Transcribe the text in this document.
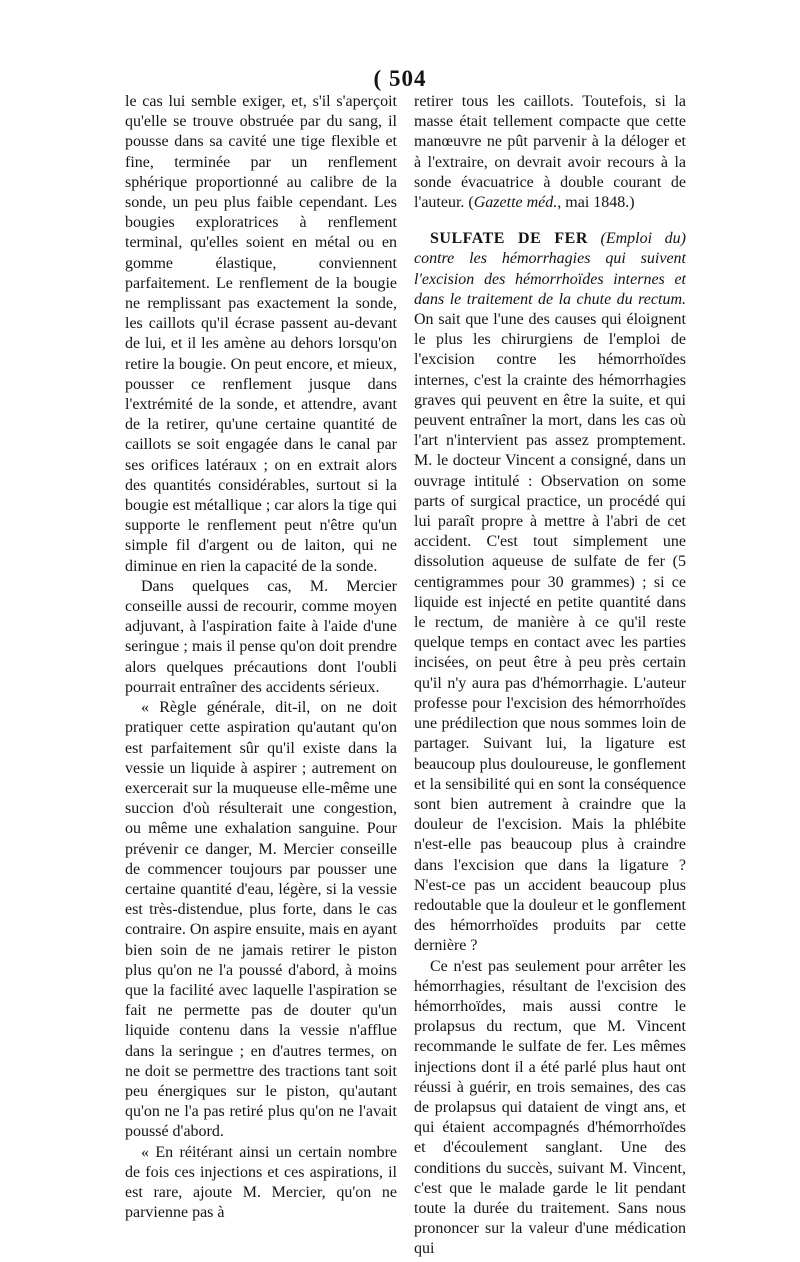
( 504

le cas lui semble exiger, et, s'il s'aperçoit qu'elle se trouve obstruée par du sang, il pousse dans sa cavité une tige flexible et fine, terminée par un renflement sphérique proportionné au calibre de la sonde, un peu plus faible cependant. Les bougies exploratrices à renflement terminal, qu'elles soient en métal ou en gomme élastique, conviennent parfaitement. Le renflement de la bougie ne remplissant pas exactement la sonde, les caillots qu'il écrase passent au-devant de lui, et il les amène au dehors lorsqu'on retire la bougie. On peut encore, et mieux, pousser ce renflement jusque dans l'extrémité de la sonde, et attendre, avant de la retirer, qu'une certaine quantité de caillots se soit engagée dans le canal par ses orifices latéraux ; on en extrait alors des quantités considérables, surtout si la bougie est métallique ; car alors la tige qui supporte le renflement peut n'être qu'un simple fil d'argent ou de laiton, qui ne diminue en rien la capacité de la sonde.

Dans quelques cas, M. Mercier conseille aussi de recourir, comme moyen adjuvant, à l'aspiration faite à l'aide d'une seringue ; mais il pense qu'on doit prendre alors quelques précautions dont l'oubli pourrait entraîner des accidents sérieux.

« Règle générale, dit-il, on ne doit pratiquer cette aspiration qu'autant qu'on est parfaitement sûr qu'il existe dans la vessie un liquide à aspirer ; autrement on exercerait sur la muqueuse elle-même une succion d'où résulterait une congestion, ou même une exhalation sanguine. Pour prévenir ce danger, M. Mercier conseille de commencer toujours par pousser une certaine quantité d'eau, légère, si la vessie est très-distendue, plus forte, dans le cas contraire. On aspire ensuite, mais en ayant bien soin de ne jamais retirer le piston plus qu'on ne l'a poussé d'abord, à moins que la facilité avec laquelle l'aspiration se fait ne permette pas de douter qu'un liquide contenu dans la vessie n'afflue dans la seringue ; en d'autres termes, on ne doit se permettre des tractions tant soit peu énergiques sur le piston, qu'autant qu'on ne l'a pas retiré plus qu'on ne l'avait poussé d'abord.

« En réitérant ainsi un certain nombre de fois ces injections et ces aspirations, il est rare, ajoute M. Mercier, qu'on ne parvienne pas à

retirer tous les caillots. Toutefois, si la masse était tellement compacte que cette manœuvre ne pût parvenir à la déloger et à l'extraire, on devrait avoir recours à la sonde évacuatrice à double courant de l'auteur. (Gazette méd., mai 1848.)

SULFATE DE FER (Emploi du) contre les hémorrhagies qui suivent l'excision des hémorrhoïdes internes et dans le traitement de la chute du rectum. On sait que l'une des causes qui éloignent le plus les chirurgiens de l'emploi de l'excision contre les hémorrhoïdes internes, c'est la crainte des hémorrhagies graves qui peuvent en être la suite, et qui peuvent entraîner la mort, dans les cas où l'art n'intervient pas assez promptement. M. le docteur Vincent a consigné, dans un ouvrage intitulé : Observation on some parts of surgical practice, un procédé qui lui paraît propre à mettre à l'abri de cet accident. C'est tout simplement une dissolution aqueuse de sulfate de fer (5 centigrammes pour 30 grammes) ; si ce liquide est injecté en petite quantité dans le rectum, de manière à ce qu'il reste quelque temps en contact avec les parties incisées, on peut être à peu près certain qu'il n'y aura pas d'hémorrhagie. L'auteur professe pour l'excision des hémorrhoïdes une prédilection que nous sommes loin de partager. Suivant lui, la ligature est beaucoup plus douloureuse, le gonflement et la sensibilité qui en sont la conséquence sont bien autrement à craindre que la douleur de l'excision. Mais la phlébite n'est-elle pas beaucoup plus à craindre dans l'excision que dans la ligature ? N'est-ce pas un accident beaucoup plus redoutable que la douleur et le gonflement des hémorrhoïdes produits par cette dernière ?

Ce n'est pas seulement pour arrêter les hémorrhagies, résultant de l'excision des hémorrhoïdes, mais aussi contre le prolapsus du rectum, que M. Vincent recommande le sulfate de fer. Les mêmes injections dont il a été parlé plus haut ont réussi à guérir, en trois semaines, des cas de prolapsus qui dataient de vingt ans, et qui étaient accompagnés d'hémorrhoïdes et d'écoulement sanglant. Une des conditions du succès, suivant M. Vincent, c'est que le malade garde le lit pendant toute la durée du traitement. Sans nous prononcer sur la valeur d'une médication qui
